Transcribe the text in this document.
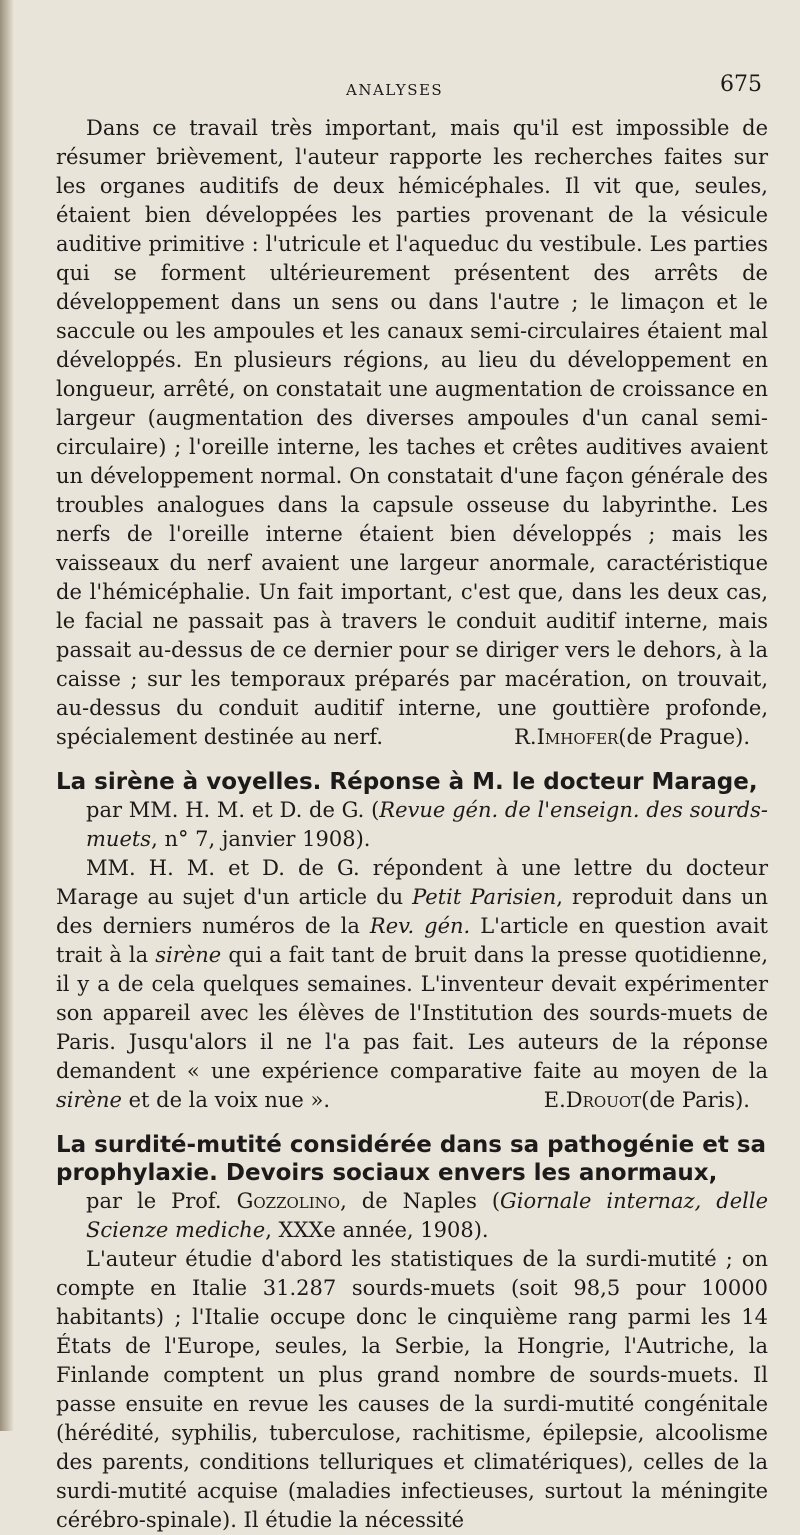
ANALYSES	675

Dans ce travail très important, mais qu'il est impossible de résumer brièvement, l'auteur rapporte les recherches faites sur les organes auditifs de deux hémicéphales. Il vit que, seules, étaient bien développées les parties provenant de la vésicule auditive primitive : l'utricule et l'aqueduc du vestibule. Les parties qui se forment ultérieurement présentent des arrêts de développement dans un sens ou dans l'autre ; le limaçon et le saccule ou les ampoules et les canaux semi-circulaires étaient mal développés. En plusieurs régions, au lieu du développement en longueur, arrêté, on constatait une augmentation de croissance en largeur (augmentation des diverses ampoules d'un canal semi-circulaire) ; l'oreille interne, les taches et crêtes auditives avaient un développement normal. On constatait d'une façon générale des troubles analogues dans la capsule osseuse du labyrinthe. Les nerfs de l'oreille interne étaient bien développés ; mais les vaisseaux du nerf avaient une largeur anormale, caractéristique de l'hémicéphalie. Un fait important, c'est que, dans les deux cas, le facial ne passait pas à travers le conduit auditif interne, mais passait au-dessus de ce dernier pour se diriger vers le dehors, à la caisse ; sur les temporaux préparés par macération, on trouvait, au-dessus du conduit auditif interne, une gouttière profonde, spécialement destinée au nerf.	R. Imhofer (de Prague).

La sirène à voyelles. Réponse à M. le docteur Marage,
par MM. H. M. et D. de G. (Revue gén. de l'enseign. des sourds-muets, n° 7, janvier 1908).

MM. H. M. et D. de G. répondent à une lettre du docteur Marage au sujet d'un article du Petit Parisien, reproduit dans un des derniers numéros de la Rev. gén. L'article en question avait trait à la sirène qui a fait tant de bruit dans la presse quotidienne, il y a de cela quelques semaines. L'inventeur devait expérimenter son appareil avec les élèves de l'Institution des sourds-muets de Paris. Jusqu'alors il ne l'a pas fait. Les auteurs de la réponse demandent « une expérience comparative faite au moyen de la sirène et de la voix nue ».	E. Drouot (de Paris).

La surdité-mutité considérée dans sa pathogénie et sa prophylaxie. Devoirs sociaux envers les anormaux,
par le Prof. Gozzolino, de Naples (Giornale internaz, delle Scienze mediche, XXXe année, 1908).

L'auteur étudie d'abord les statistiques de la surdi-mutité ; on compte en Italie 31.287 sourds-muets (soit 98,5 pour 10000 habitants) ; l'Italie occupe donc le cinquième rang parmi les 14 États de l'Europe, seules, la Serbie, la Hongrie, l'Autriche, la Finlande comptent un plus grand nombre de sourds-muets. Il passe ensuite en revue les causes de la surdi-mutité congénitale (hérédité, syphilis, tuberculose, rachitisme, épilepsie, alcoolisme des parents, conditions telluriques et climatériques), celles de la surdi-mutité acquise (maladies infectieuses, surtout la méningite cérébro-spinale). Il étudie la nécessité
